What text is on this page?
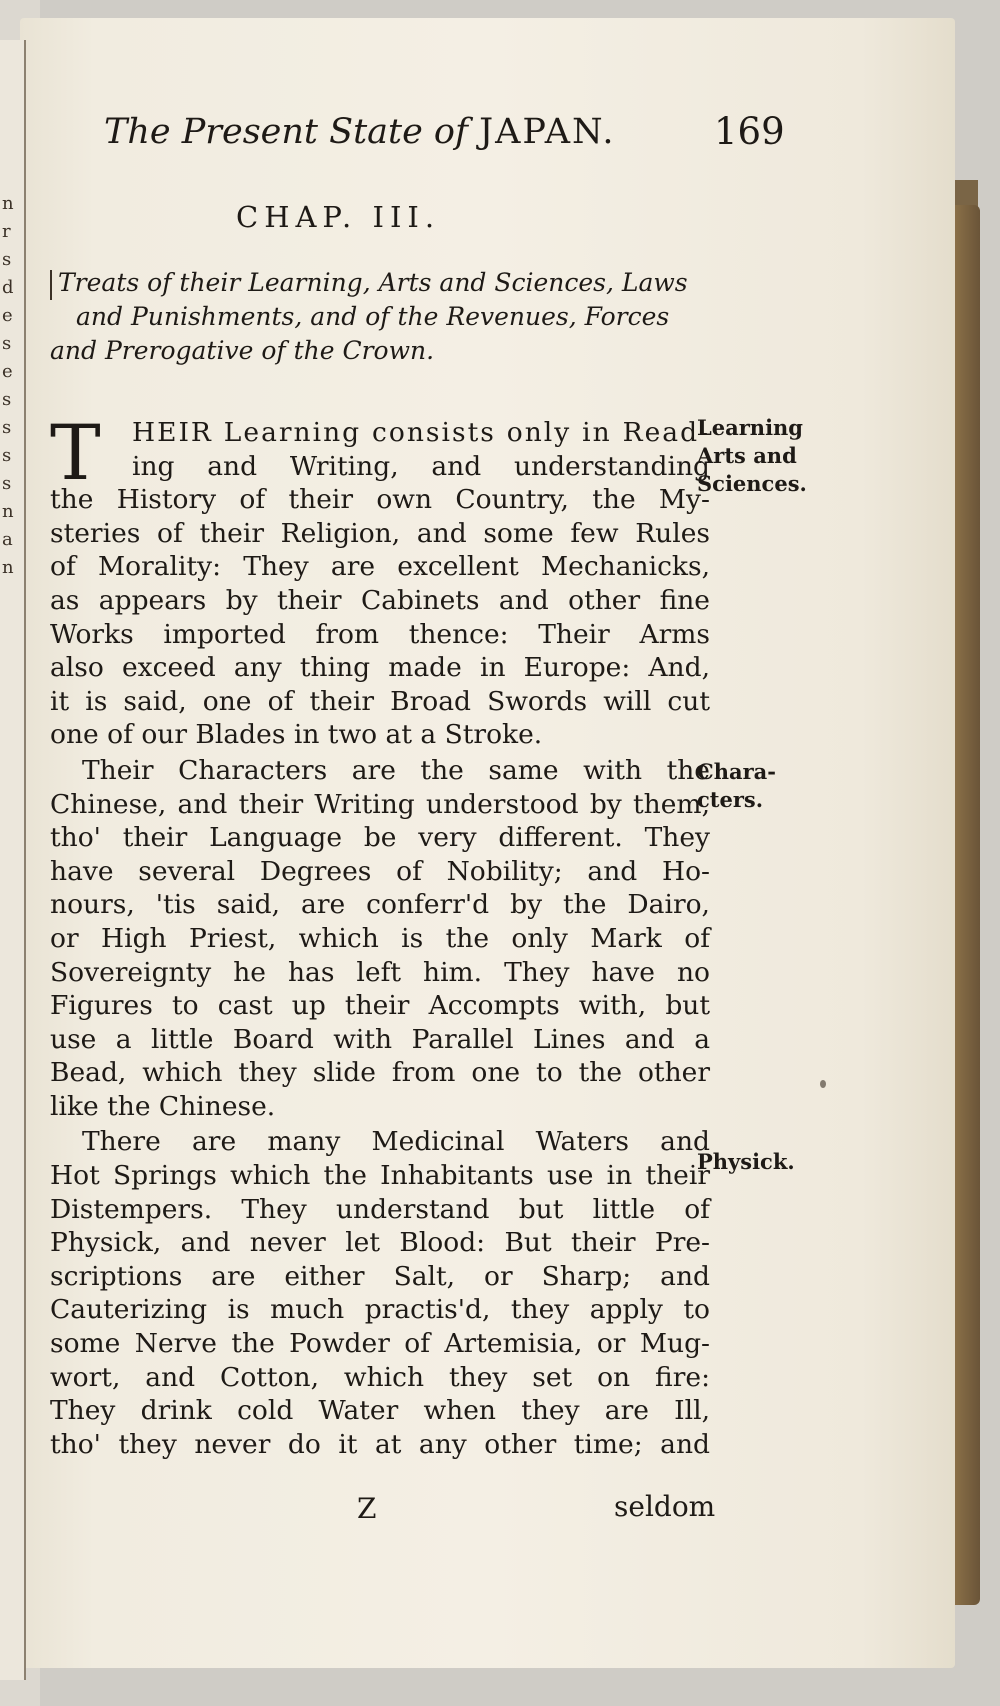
n
r
s
d
e
s
e
s
s
s
s
n
a
n
The Present State of JAPAN.	169
CHAP. III.
Treats of their Learning, Arts and Sciences, Laws
and Punishments, and of the Revenues, Forces
and Prerogative of the Crown.
T	HEIR Learning consists only in Read-
ing and Writing, and understanding
the History of their own Country, the My-
steries of their Religion, and some few Rules
of Morality: They are excellent Mechanicks,
as appears by their Cabinets and other fine
Works imported from thence: Their Arms
also exceed any thing made in Europe: And,
it is said, one of their Broad Swords will cut
one of our Blades in two at a Stroke.
Their Characters are the same with the
Chinese, and their Writing understood by them,
tho' their Language be very different. They
have several Degrees of Nobility; and Ho-
nours, 'tis said, are conferr'd by the Dairo,
or High Priest, which is the only Mark of
Sovereignty he has left him. They have no
Figures to cast up their Accompts with, but
use a little Board with Parallel Lines and a
Bead, which they slide from one to the other
like the Chinese.
There are many Medicinal Waters and
Hot Springs which the Inhabitants use in their
Distempers. They understand but little of
Physick, and never let Blood: But their Pre-
scriptions are either Salt, or Sharp; and
Cauterizing is much practis'd, they apply to
some Nerve the Powder of Artemisia, or Mug-
wort, and Cotton, which they set on fire:
They drink cold Water when they are Ill,
tho' they never do it at any other time; and
Learning
Arts and
Sciences.
Chara-
cters.
Physick.
Z	seldom
